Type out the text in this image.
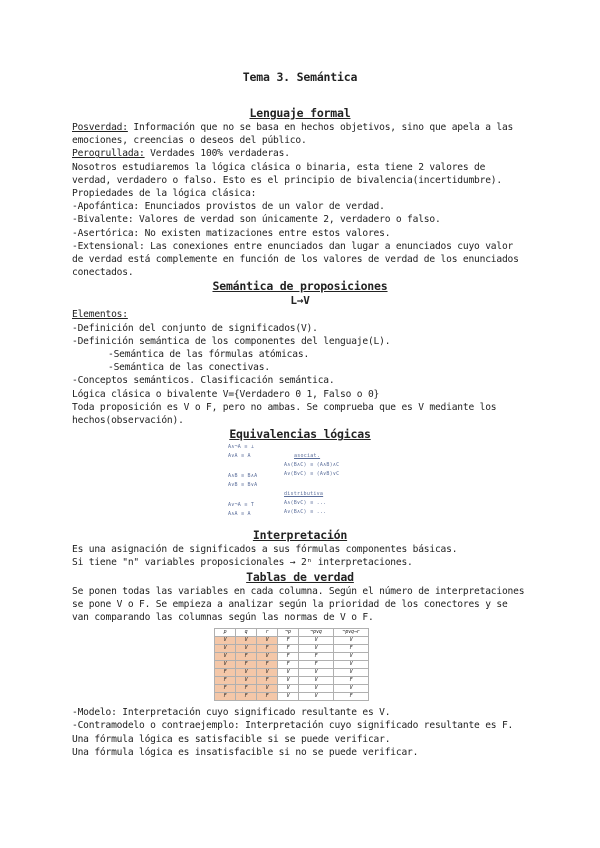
Tema 3. Semántica
Lenguaje formal

Posverdad: Información que no se basa en hechos objetivos, sino que apela a las emociones, creencias o deseos del público.

Perogrullada: Verdades 100% verdaderas.

Nosotros estudiaremos la lógica clásica o binaria, esta tiene 2 valores de verdad, verdadero o falso. Esto es el principio de bivalencia(incertidumbre).

Propiedades de la lógica clásica:

-Apofántica: Enunciados provistos de un valor de verdad.

-Bivalente: Valores de verdad son únicamente 2, verdadero o falso.

-Asertórica: No existen matizaciones entre estos valores.

-Extensional: Las conexiones entre enunciados dan lugar a enunciados cuyo valor de verdad está complemente en función de los valores de verdad de los enunciados conectados.

Semántica de proposiciones
L→V

Elementos:

-Definición del conjunto de significados(V).

-Definición semántica de los componentes del lenguaje(L).

-Semántica de las fórmulas atómicas.

-Semántica de las conectivas.

-Conceptos semánticos. Clasificación semántica.

Lógica clásica o bivalente V={Verdadero 0 1, Falso o 0}

Toda proposición es V o F, pero no ambas. Se comprueba que es V mediante los hechos(observación).

Equivalencias lógicas
A∧¬A ≡ ⊥
A∨A ≡ A	asociat.
A∧(B∧C) ≡ (A∧B)∧C
A∨(B∨C) ≡ (A∨B)∨C
A∧B ≡ B∧A
A∨B ≡ B∨A
distributiva
A∧(B∨C) ≡ ...
A∨(B∧C) ≡ ...
A∨¬A ≡ T
A∧A ≡ A
Interpretación

Es una asignación de significados a sus fórmulas componentes básicas.

Si tiene "n" variables proposicionales → 2ⁿ interpretaciones.

Tablas de verdad

Se ponen todas las variables en cada columna. Según el número de interpretaciones se pone V o F. Se empieza a analizar según la prioridad de los conectores y se van comparando las columnas según las normas de V o F.

p	q	r	¬p	¬p∨q	¬p∨q→r
V	V	V	F	V	V
V	V	F	F	V	F
V	F	V	F	F	V
V	F	F	F	F	V
F	V	V	V	V	V
F	V	F	V	V	F
F	F	V	V	V	V
F	F	F	V	V	F

-Modelo: Interpretación cuyo significado resultante es V.

-Contramodelo o contraejemplo: Interpretación cuyo significado resultante es F.

Una fórmula lógica es satisfacible si se puede verificar.

Una fórmula lógica es insatisfacible si no se puede verificar.
